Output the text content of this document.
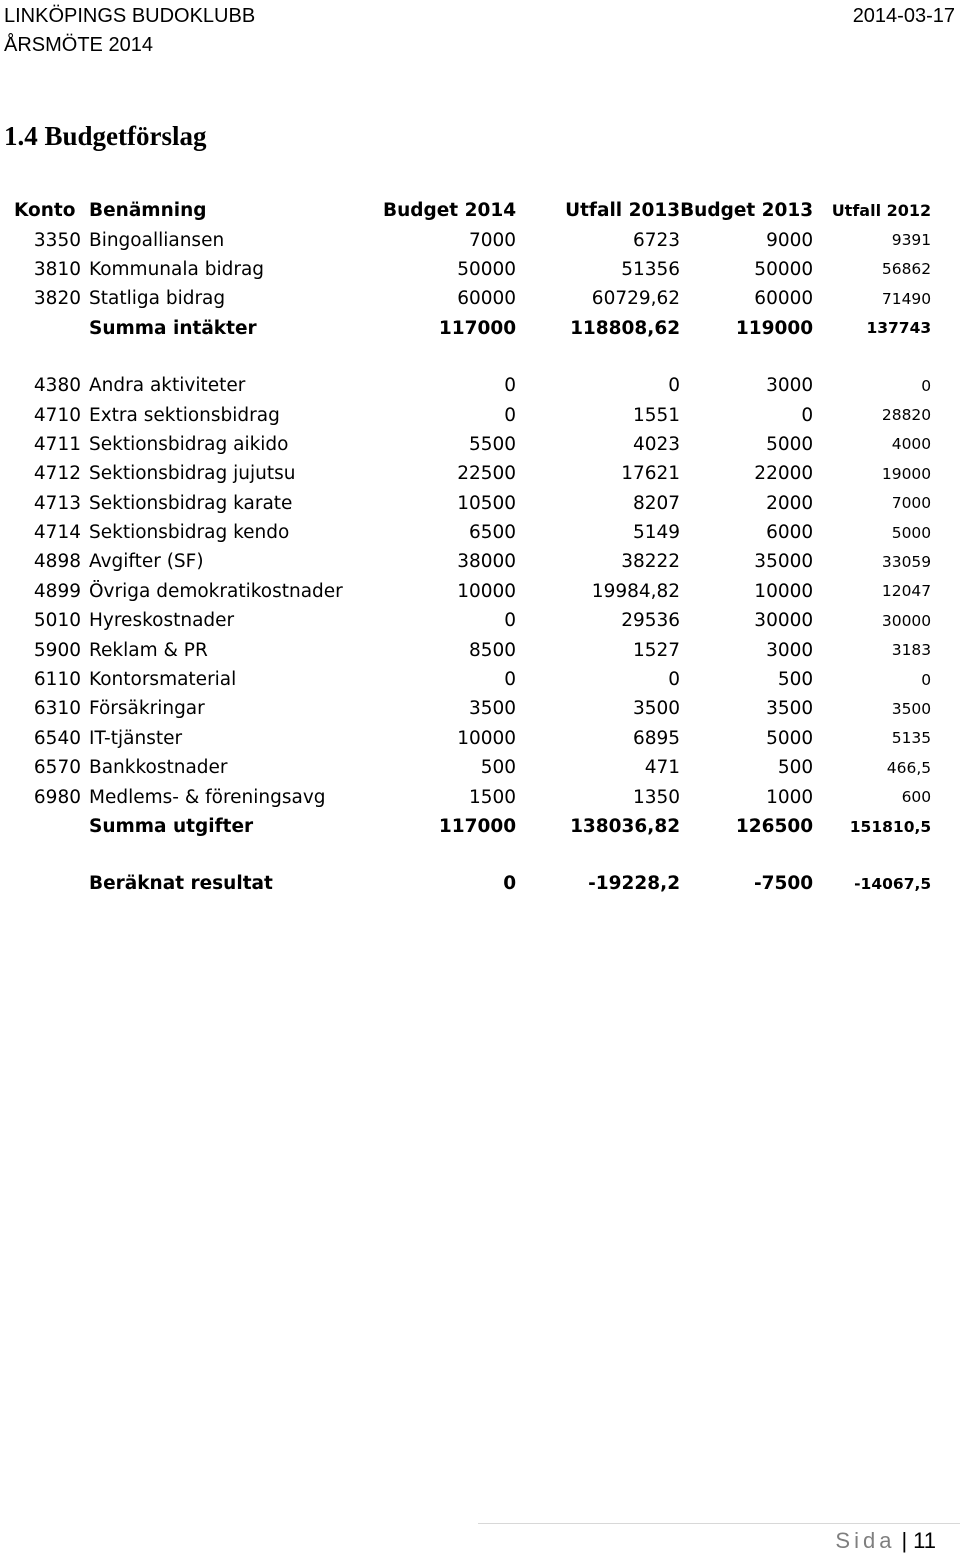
LINKÖPINGS BUDOKLUBB
ÅRSMÖTE 2014
2014-03-17
1.4 Budgetförslag
Konto	Benämning	Budget 2014	Utfall 2013	Budget 2013	Utfall 2012
3350	Bingoalliansen	7000	6723	9000	9391
3810	Kommunala bidrag	50000	51356	50000	56862
3820	Statliga bidrag	60000	60729,62	60000	71490
	Summa intäkter	117000	118808,62	119000	137743

4380	Andra aktiviteter	0	0	3000	0
4710	Extra sektionsbidrag	0	1551	0	28820
4711	Sektionsbidrag aikido	5500	4023	5000	4000
4712	Sektionsbidrag jujutsu	22500	17621	22000	19000
4713	Sektionsbidrag karate	10500	8207	2000	7000
4714	Sektionsbidrag kendo	6500	5149	6000	5000
4898	Avgifter (SF)	38000	38222	35000	33059
4899	Övriga demokratikostnader	10000	19984,82	10000	12047
5010	Hyreskostnader	0	29536	30000	30000
5900	Reklam & PR	8500	1527	3000	3183
6110	Kontorsmaterial	0	0	500	0
6310	Försäkringar	3500	3500	3500	3500
6540	IT-tjänster	10000	6895	5000	5135
6570	Bankkostnader	500	471	500	466,5
6980	Medlems- & föreningsavg	1500	1350	1000	600
	Summa utgifter	117000	138036,82	126500	151810,5

	Beräknat resultat	0	-19228,2	-7500	-14067,5
Sida | 11
